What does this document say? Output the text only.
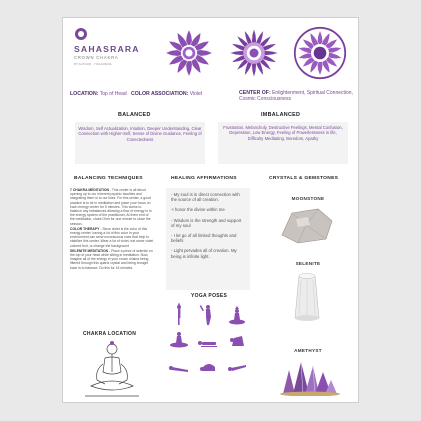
SAHASRARA
CROWN CHAKRA
BY AUTHOR · YOGAPEDIA
LOCATION: Top of Head COLOR ASSOCIATION: Violet	CENTER OF: Enlightenment, Spiritual Connection, Cosmic Consciousness
BALANCED
Wisdom, Self Actualization, Intuition, Deeper Understanding, Clear Connection with Higher-Self, Sense of Divine Guidance, Feeling of Conectedness
IMBALANCED
Frustration, Melancholy, Destructive Feelings, Mental Confusion, Depression, Low Energy, Feeling of Powerlessness in life, Difficulty Meditating, Boredom, Apathy
BALANCING TECHNIQUES	HEALING AFFIRMATIONS	CRYSTALS & GEMSTONES

7 CHAKRA MEDITATION - This center is all about opening up to our inherent psychic faculties and integrating them in to our lives. For this center, a good practice is to sit in meditation and place your focus on each energy center for 5 minutes. This works to balance any imbalances allowing a flow of energy in to the energy system of the practitioner. At them end of the meditation, chant Ohm for one minute to close the session.

COLOR THERAPY - Since violet is the color of this energy center, having a lot of this color in your environment can send unconscious cues that help to stabilize this center. Wear a lot of violet, eat some violet colored fruit, or change the background

SELENITE MEDITATION - Place a piece of selenite on the top of your head while sitting in meditation. Now, imagine all of the energy in your crown chakra being filtered through this quartz crystal and being brought back in to balance. Do this for 15 minutes.

CHAKRA LOCATION
- My soul is in direct connection with the source of all creation.
-I honor the divine within me
- Wisdom is the strength and support of my soul
- I let go of all limited thoughts and beliefs
- Light pervades all of creation. My being is infinite light.
YOGA POSES
MOONSTONE
SELENITE
AMETHYST
